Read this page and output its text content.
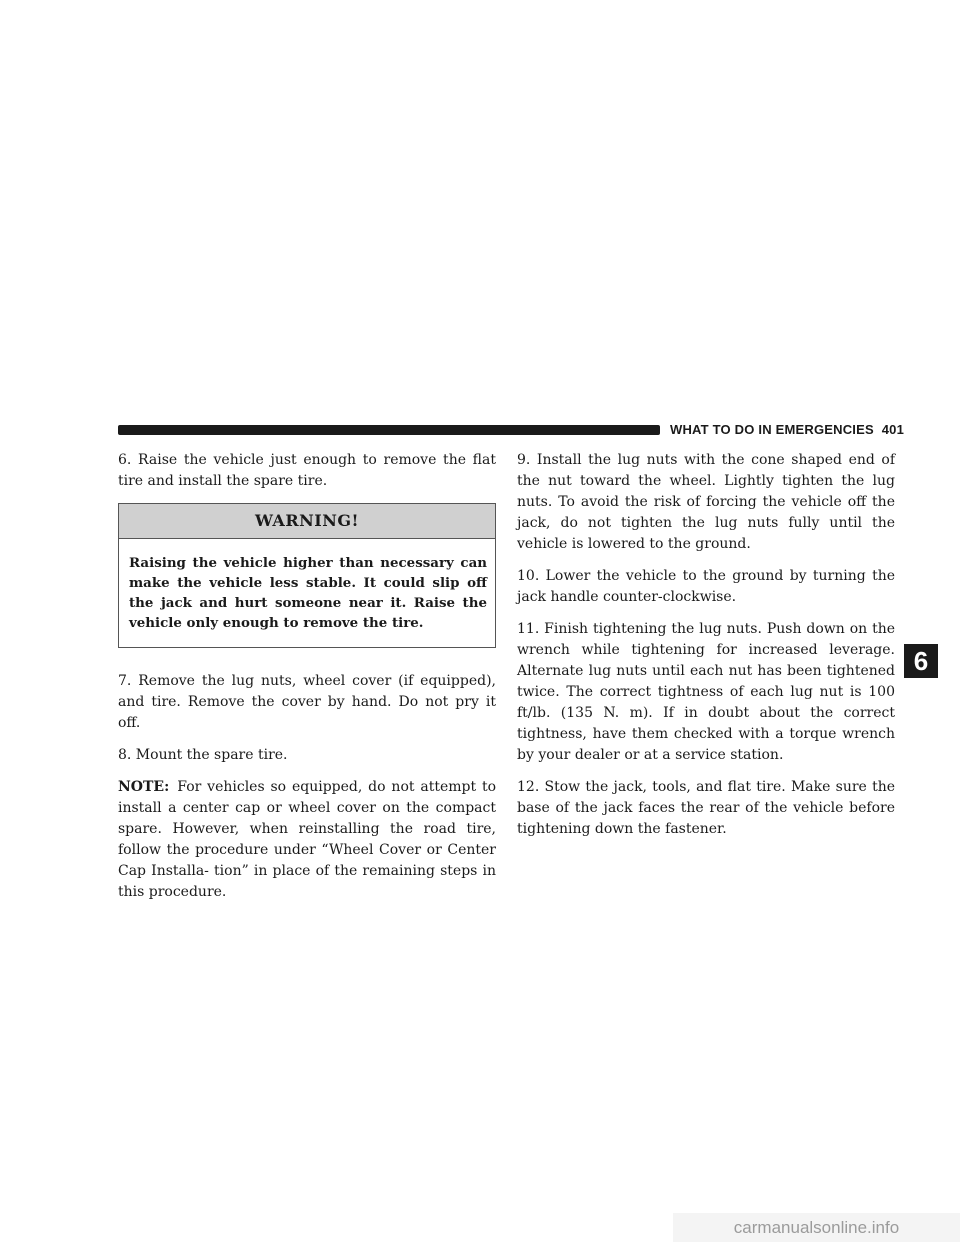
WHAT TO DO IN EMERGENCIES 401

6. Raise the vehicle just enough to remove the flat tire and install the spare tire.

WARNING!
Raising the vehicle higher than necessary can make the vehicle less stable. It could slip off the jack and hurt someone near it. Raise the vehicle only enough to remove the tire.

7. Remove the lug nuts, wheel cover (if equipped), and tire. Remove the cover by hand. Do not pry it off.

8. Mount the spare tire.

NOTE: For vehicles so equipped, do not attempt to install a center cap or wheel cover on the compact spare. However, when reinstalling the road tire, follow the procedure under “Wheel Cover or Center Cap Installa- tion” in place of the remaining steps in this procedure.

9. Install the lug nuts with the cone shaped end of the nut toward the wheel. Lightly tighten the lug nuts. To avoid the risk of forcing the vehicle off the jack, do not tighten the lug nuts fully until the vehicle is lowered to the ground.

10. Lower the vehicle to the ground by turning the jack handle counter-clockwise.

11. Finish tightening the lug nuts. Push down on the wrench while tightening for increased leverage. Alternate lug nuts until each nut has been tightened twice. The correct tightness of each lug nut is 100 ft/lb. (135 N. m). If in doubt about the correct tightness, have them checked with a torque wrench by your dealer or at a service station.

12. Stow the jack, tools, and flat tire. Make sure the base of the jack faces the rear of the vehicle before tightening down the fastener.

6
carmanualsonline.info
